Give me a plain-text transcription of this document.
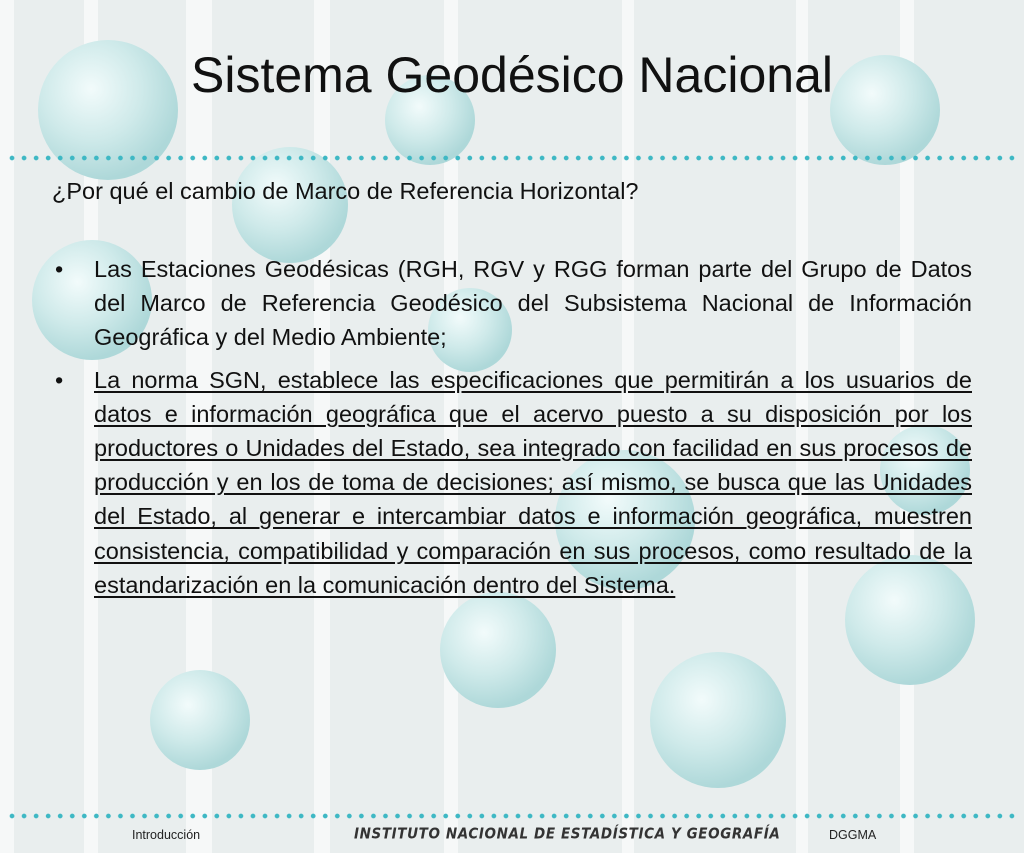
Sistema Geodésico Nacional

¿Por qué el cambio de Marco de Referencia Horizontal?

• Las Estaciones Geodésicas (RGH, RGV y RGG forman parte del Grupo de Datos del Marco de Referencia Geodésico del Subsistema Nacional de Información Geográfica y del Medio Ambiente;
• La norma SGN, establece las especificaciones que permitirán a los usuarios de datos e información geográfica que el acervo puesto a su disposición por los productores o Unidades del Estado, sea integrado con facilidad en sus procesos de producción y en los de toma de decisiones; así mismo, se busca que las Unidades del Estado, al generar e intercambiar datos e información geográfica, muestren consistencia, compatibilidad y comparación en sus procesos, como resultado de la estandarización en la comunicación dentro del Sistema.
Introducción	INSTITUTO NACIONAL DE ESTADÍSTICA Y GEOGRAFÍA	DGGMA
